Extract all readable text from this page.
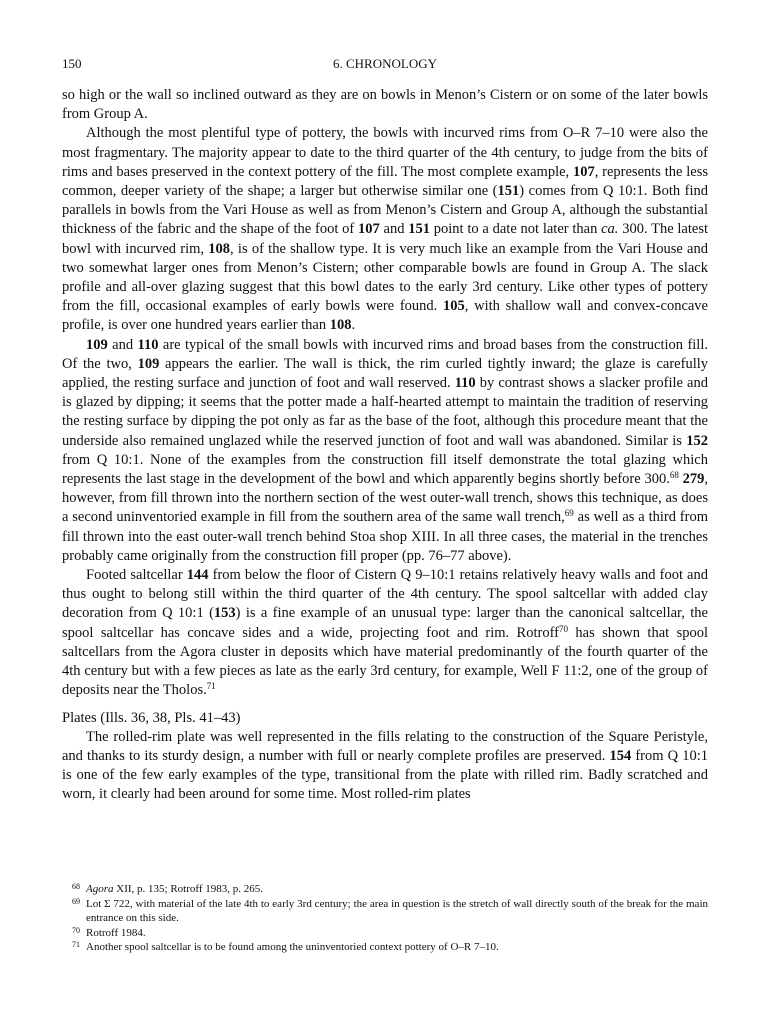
150	6. CHRONOLOGY

so high or the wall so inclined outward as they are on bowls in Menon’s Cistern or on some of the later bowls from Group A.

Although the most plentiful type of pottery, the bowls with incurved rims from O–R 7–10 were also the most fragmentary. The majority appear to date to the third quarter of the 4th century, to judge from the bits of rims and bases preserved in the context pottery of the fill. The most complete example, 107, represents the less common, deeper variety of the shape; a larger but otherwise similar one (151) comes from Q 10:1. Both find parallels in bowls from the Vari House as well as from Menon’s Cistern and Group A, although the substantial thickness of the fabric and the shape of the foot of 107 and 151 point to a date not later than ca. 300. The latest bowl with incurved rim, 108, is of the shallow type. It is very much like an example from the Vari House and two somewhat larger ones from Menon’s Cistern; other comparable bowls are found in Group A. The slack profile and all-over glazing suggest that this bowl dates to the early 3rd century. Like other types of pottery from the fill, occasional examples of early bowls were found. 105, with shallow wall and convex-concave profile, is over one hundred years earlier than 108.

109 and 110 are typical of the small bowls with incurved rims and broad bases from the construction fill. Of the two, 109 appears the earlier. The wall is thick, the rim curled tightly inward; the glaze is carefully applied, the resting surface and junction of foot and wall reserved. 110 by contrast shows a slacker profile and is glazed by dipping; it seems that the potter made a half-hearted attempt to maintain the tradition of reserving the resting surface by dipping the pot only as far as the base of the foot, although this procedure meant that the underside also remained unglazed while the reserved junction of foot and wall was abandoned. Similar is 152 from Q 10:1. None of the examples from the construction fill itself demonstrate the total glazing which represents the last stage in the development of the bowl and which apparently begins shortly before 300.68 279, however, from fill thrown into the northern section of the west outer-wall trench, shows this technique, as does a second uninventoried example in fill from the southern area of the same wall trench,$^{69}$ as well as a third from fill thrown into the east outer-wall trench behind Stoa shop XIII. In all three cases, the material in the trenches probably came originally from the construction fill proper (pp. 76–77 above).

Footed saltcellar 144 from below the floor of Cistern Q 9–10:1 retains relatively heavy walls and foot and thus ought to belong still within the third quarter of the 4th century. The spool saltcellar with added clay decoration from Q 10:1 (153) is a fine example of an unusual type: larger than the canonical saltcellar, the spool saltcellar has concave sides and a wide, projecting foot and rim. Rotroff$^{70}$ has shown that spool saltcellars from the Agora cluster in deposits which have material predominantly of the fourth quarter of the 4th century but with a few pieces as late as the early 3rd century, for example, Well F 11:2, one of the group of deposits near the Tholos.$^{71}$

Plates (Ills. 36, 38, Pls. 41–43)

The rolled-rim plate was well represented in the fills relating to the construction of the Square Peristyle, and thanks to its sturdy design, a number with full or nearly complete profiles are preserved. 154 from Q 10:1 is one of the few early examples of the type, transitional from the plate with rilled rim. Badly scratched and worn, it clearly had been around for some time. Most rolled-rim plates

68 Agora XII, p. 135; Rotroff 1983, p. 265.

69 Lot Σ 722, with material of the late 4th to early 3rd century; the area in question is the stretch of wall directly south of the break for the main entrance on this side.

70 Rotroff 1984.

71 Another spool saltcellar is to be found among the uninventoried context pottery of O–R 7–10.
